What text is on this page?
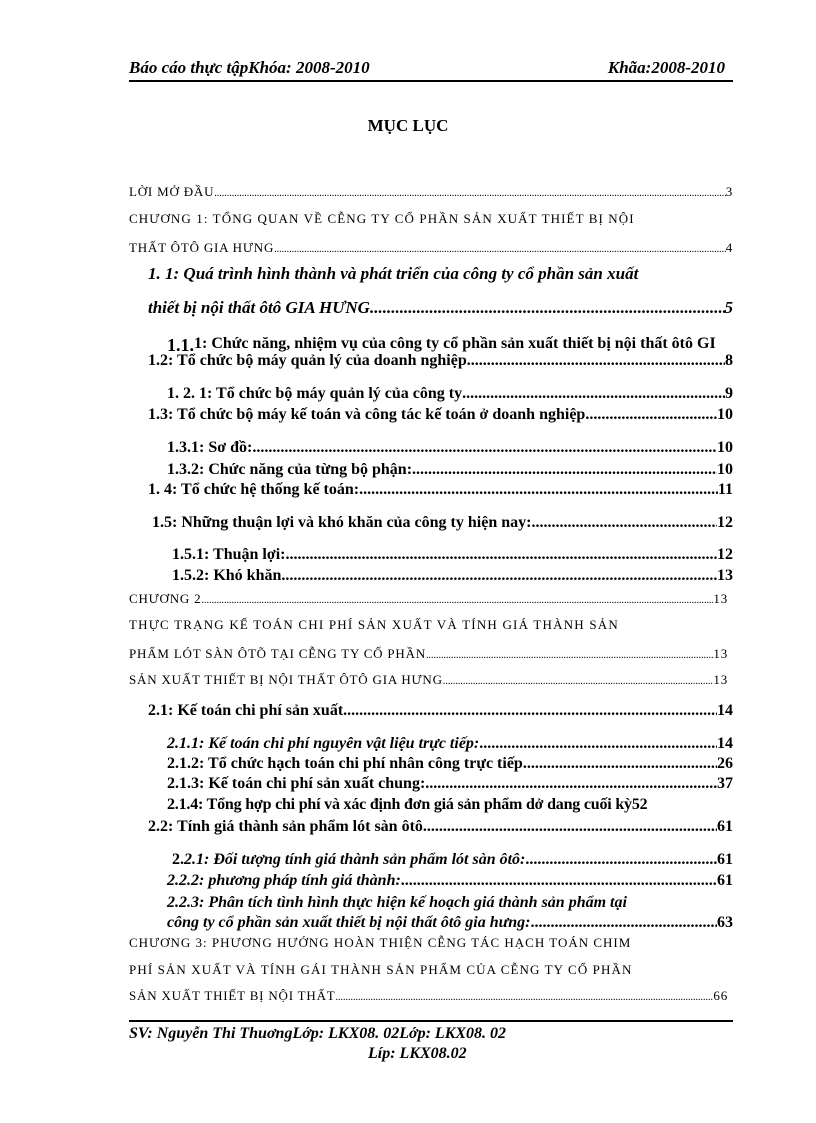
Báo cáo thực tậpKhóa: 2008-2010	Khãa:2008-2010
MỤC LỤC
LỜI MỞ ĐẦU .....	3
CHƯƠNG 1: TỔNG QUAN VỀ CỄNG TY CỔ PHẦN SẢN XUẤT THIẾT BỊ NỘI
THẤT ÔTÔ GIA HƯNG .....	4
1. 1: Quá trình hình thành và phát triển của công ty cổ phần sản xuất
thiết bị nội thất ôtô GIA HƯNG .....	5
1.1.1: Chức năng, nhiệm vụ của công ty cổ phần sản xuất thiết bị nội thất ôtô GI
1.2: Tổ chức bộ máy quản lý của doanh nghiệp .....	8
1. 2. 1: Tổ chức bộ máy quản lý của công ty .....	9
1.3: Tổ chức bộ máy kế toán và công tác kế toán ở doanh nghiệp .....	10
1.3.1: Sơ đồ: .....	10
1.3.2: Chức năng của từng bộ phận: .....	10
1. 4: Tổ chức hệ thống kế toán: .....	11
1.5: Những thuận lợi và khó khăn của công ty hiện nay: .....	12
1.5.1: Thuận lợi: .....	12
1.5.2: Khó khăn .....	13
CHƯƠNG 2 .....	13
THỰC TRẠNG KẾ TOÁN CHI PHÍ SẢN XUẤT VÀ TÍNH GIÁ THÀNH SẢN
PHẨM LÓT SÀN ÔTÕ TẠI CỄNG TY CỔ PHẦN .....	13
SẢN XUẤT THIẾT BỊ NỘI THẤT ÔTÔ GIA HƯNG .....	13
2.1: Kế toán chi phí sản xuất .....	14
2.1.1: Kế toán chi phí nguyên vật liệu trực tiếp: .....	14
2.1.2: Tổ chức hạch toán chi phí nhân công trực tiếp .....	26
2.1.3: Kế toán chi phí sản xuất chung: .....	37
2.1.4: Tổng hợp chi phí và xác định đơn giá sản phẩm dở dang cuối kỳ52
2.2: Tính giá thành sản phẩm lót sàn ôtô .....	61
2.2.1: Đối tượng tính giá thành sản phẩm lót sàn ôtô: .....	61
2.2.2: phương pháp tính giá thành: .....	61
2.2.3: Phân tích tình hình thực hiện kế hoạch giá thành sản phẩm tại
công ty cổ phần sản xuất thiết bị nội thất ôtô gia hưng: .....	63
CHƯƠNG 3: PHƯƠNG HƯỚNG HOÀN THIỆN CỄNG TÁC HẠCH TOÁN CHIM
PHÍ SẢN XUẤT VÀ TÍNH GÁI THÀNH SẢN PHẨM CỦA CỄNG TY CỔ PHẦN
SẢN XUẤT THIẾT BỊ NỘI THẤT .....	66
SV: Nguyễn Thi ThuơngLớp: LKX08. 02Lớp: LKX08. 02
Líp: LKX08.02
